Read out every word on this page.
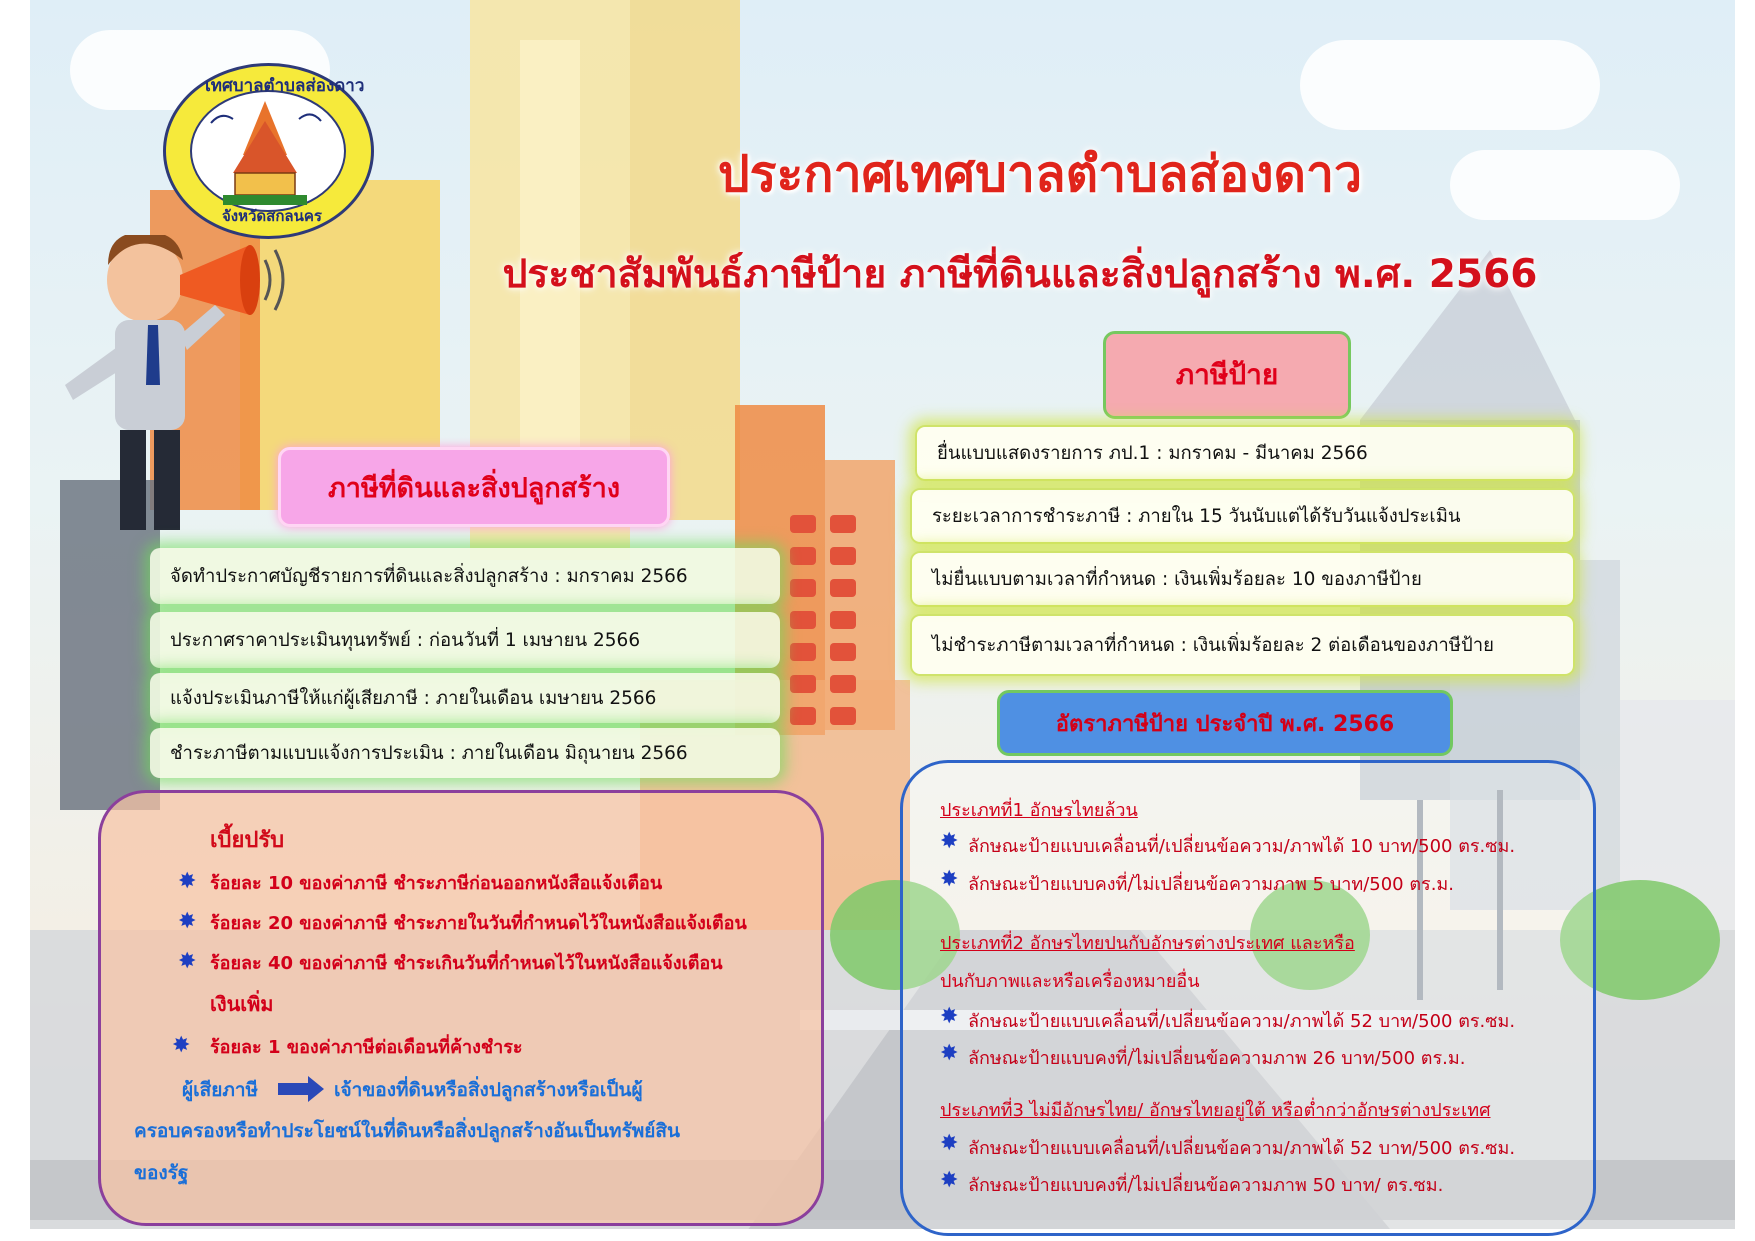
เทศบาลตำบลส่องดาว
จังหวัดสกลนคร
ประกาศเทศบาลตำบลส่องดาว
ประชาสัมพันธ์ภาษีป้าย ภาษีที่ดินและสิ่งปลูกสร้าง พ.ศ. 2566
ภาษีที่ดินและสิ่งปลูกสร้าง
จัดทำประกาศบัญชีรายการที่ดินและสิ่งปลูกสร้าง : มกราคม 2566
ประกาศราคาประเมินทุนทรัพย์ : ก่อนวันที่ 1 เมษายน 2566
แจ้งประเมินภาษีให้แก่ผู้เสียภาษี : ภายในเดือน เมษายน 2566
ชำระภาษีตามแบบแจ้งการประเมิน : ภายในเดือน มิถุนายน 2566
เบี้ยปรับ
✸ ร้อยละ 10 ของค่าภาษี ชำระภาษีก่อนออกหนังสือแจ้งเตือน
✸ ร้อยละ 20 ของค่าภาษี ชำระภายในวันที่กำหนดไว้ในหนังสือแจ้งเตือน
✸ ร้อยละ 40 ของค่าภาษี ชำระเกินวันที่กำหนดไว้ในหนังสือแจ้งเตือน
เงินเพิ่ม
✸ ร้อยละ 1 ของค่าภาษีต่อเดือนที่ค้างชำระ
ผู้เสียภาษี	เจ้าของที่ดินหรือสิ่งปลูกสร้างหรือเป็นผู้
ครอบครองหรือทำประโยชน์ในที่ดินหรือสิ่งปลูกสร้างอันเป็นทรัพย์สิน
ของรัฐ
ภาษีป้าย
ยื่นแบบแสดงรายการ ภป.1 : มกราคม - มีนาคม 2566
ระยะเวลาการชำระภาษี : ภายใน 15 วันนับแต่ได้รับวันแจ้งประเมิน
ไม่ยื่นแบบตามเวลาที่กำหนด : เงินเพิ่มร้อยละ 10 ของภาษีป้าย
ไม่ชำระภาษีตามเวลาที่กำหนด : เงินเพิ่มร้อยละ 2 ต่อเดือนของภาษีป้าย
อัตราภาษีป้าย ประจำปี พ.ศ. 2566
ประเภทที่1 อักษรไทยล้วน
✸ ลักษณะป้ายแบบเคลื่อนที่/เปลี่ยนข้อความ/ภาพได้ 10 บาท/500 ตร.ซม.
✸ ลักษณะป้ายแบบคงที่/ไม่เปลี่ยนข้อความภาพ 5 บาท/500 ตร.ม.
ประเภทที่2 อักษรไทยปนกับอักษรต่างประเทศ และหรือ
ปนกับภาพและหรือเครื่องหมายอื่น
✸ ลักษณะป้ายแบบเคลื่อนที่/เปลี่ยนข้อความ/ภาพได้ 52 บาท/500 ตร.ซม.
✸ ลักษณะป้ายแบบคงที่/ไม่เปลี่ยนข้อความภาพ 26 บาท/500 ตร.ม.
ประเภทที่3 ไม่มีอักษรไทย/ อักษรไทยอยู่ใต้ หรือต่ำกว่าอักษรต่างประเทศ
✸ ลักษณะป้ายแบบเคลื่อนที่/เปลี่ยนข้อความ/ภาพได้ 52 บาท/500 ตร.ซม.
✸ ลักษณะป้ายแบบคงที่/ไม่เปลี่ยนข้อความภาพ 50 บาท/ ตร.ซม.
